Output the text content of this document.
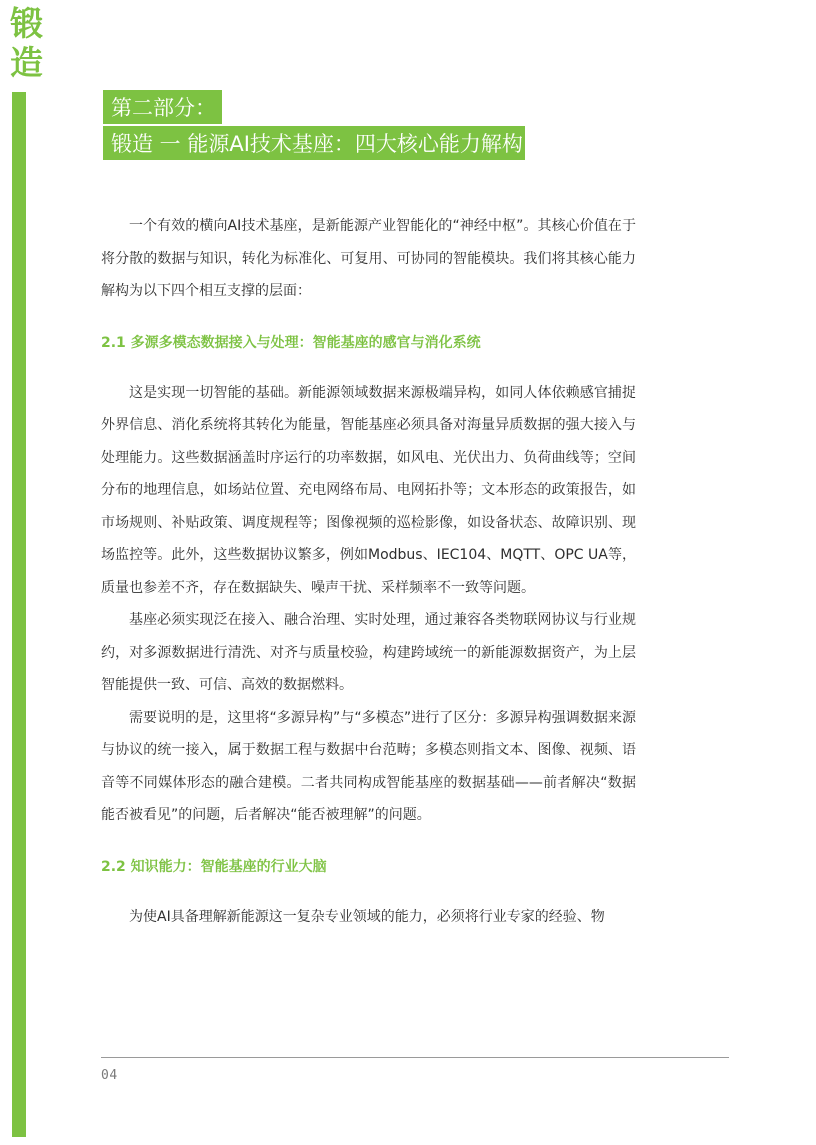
锻
造
第二部分：
锻造 一 能源AI技术基座：四大核心能力解构

一个有效的横向AI技术基座，是新能源产业智能化的“神经中枢”。其核心价值在于将分散的数据与知识，转化为标准化、可复用、可协同的智能模块。我们将其核心能力解构为以下四个相互支撑的层面：

2.1 多源多模态数据接入与处理：智能基座的感官与消化系统

这是实现一切智能的基础。新能源领域数据来源极端异构，如同人体依赖感官捕捉外界信息、消化系统将其转化为能量，智能基座必须具备对海量异质数据的强大接入与处理能力。这些数据涵盖时序运行的功率数据，如风电、光伏出力、负荷曲线等；空间分布的地理信息，如场站位置、充电网络布局、电网拓扑等；文本形态的政策报告，如市场规则、补贴政策、调度规程等；图像视频的巡检影像，如设备状态、故障识别、现场监控等。此外，这些数据协议繁多，例如Modbus、IEC104、MQTT、OPC UA等，质量也参差不齐，存在数据缺失、噪声干扰、采样频率不一致等问题。

基座必须实现泛在接入、融合治理、实时处理，通过兼容各类物联网协议与行业规约，对多源数据进行清洗、对齐与质量校验，构建跨域统一的新能源数据资产，为上层智能提供一致、可信、高效的数据燃料。

需要说明的是，这里将“多源异构”与“多模态”进行了区分：多源异构强调数据来源与协议的统一接入，属于数据工程与数据中台范畴；多模态则指文本、图像、视频、语音等不同媒体形态的融合建模。二者共同构成智能基座的数据基础——前者解决“数据能否被看见”的问题，后者解决“能否被理解”的问题。

2.2 知识能力：智能基座的行业大脑

为使AI具备理解新能源这一复杂专业领域的能力，必须将行业专家的经验、物

04
